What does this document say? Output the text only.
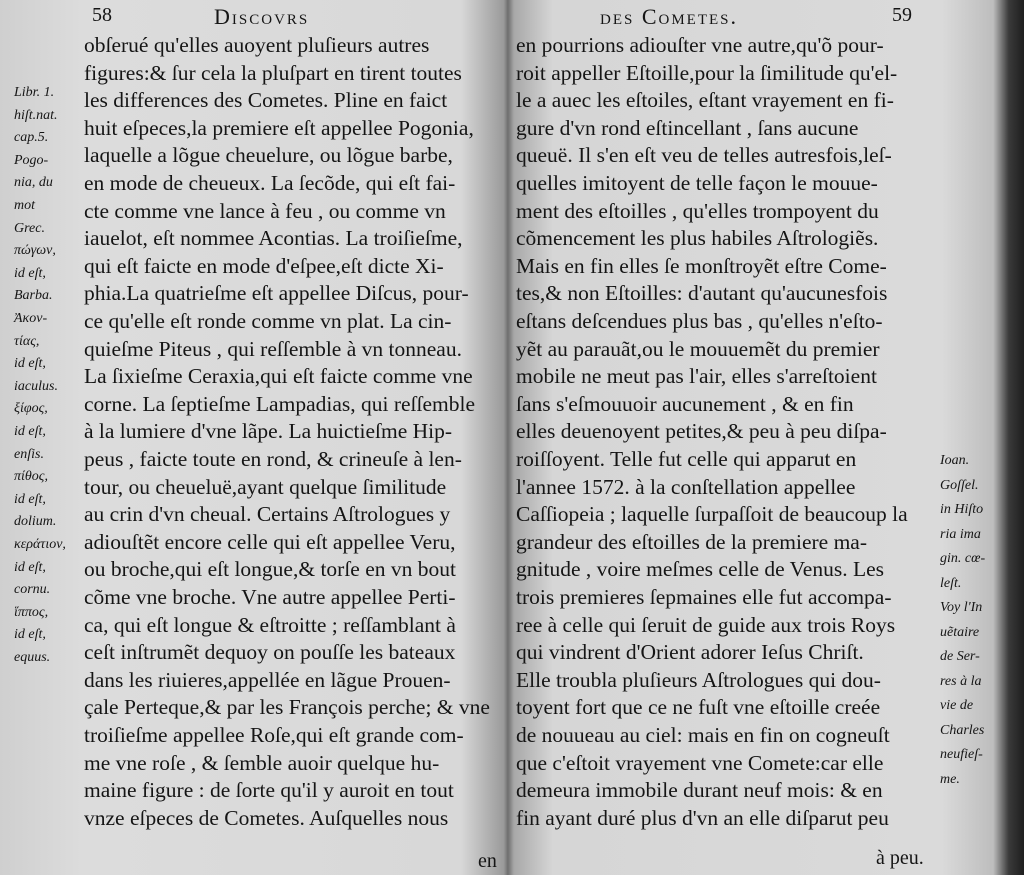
58	Discovrs
Libr. 1.
hiſt.nat.
cap.5.
Pogo-
nia, du
mot
Grec.
πώγων,
id eſt,
Barba.
Ἀκον-
τίας,
id eſt,
iaculus.
ξίφος,
id eſt,
enſis.
πίθος,
id eſt,
dolium.
κεράτιον,
id eſt,
cornu.
ἵππος,
id eſt,
equus.
obſerué qu'elles auoyent pluſieurs autres
figures:& ſur cela la pluſpart en tirent toutes
les differences des Cometes. Pline en faict
huit eſpeces,la premiere eſt appellee Pogonia,
laquelle a lõgue cheuelure, ou lõgue barbe,
en mode de cheueux. La ſecõde, qui eſt fai-
cte comme vne lance à feu , ou comme vn
iauelot, eſt nommee Acontias. La troiſieſme,
qui eſt faicte en mode d'eſpee,eſt dicte Xi-
phia.La quatrieſme eſt appellee Diſcus, pour-
ce qu'elle eſt ronde comme vn plat. La cin-
quieſme Piteus , qui reſſemble à vn tonneau.
La ſixieſme Ceraxia,qui eſt faicte comme vne
corne. La ſeptieſme Lampadias, qui reſſemble
à la lumiere d'vne lãpe. La huictieſme Hip-
peus , faicte toute en rond, & crineuſe à len-
tour, ou cheueluë,ayant quelque ſimilitude
au crin d'vn cheual. Certains Aſtrologues y
adiouſtẽt encore celle qui eſt appellee Veru,
ou broche,qui eſt longue,& torſe en vn bout
cõme vne broche. Vne autre appellee Perti-
ca, qui eſt longue & eſtroitte ; reſſamblant à
ceſt inſtrumẽt dequoy on pouſſe les bateaux
dans les riuieres,appellée en lãgue Prouen-
çale Perteque,& par les François perche; & vne
troiſieſme appellee Roſe,qui eſt grande com-
me vne roſe , & ſemble auoir quelque hu-
maine figure : de ſorte qu'il y auroit en tout
vnze eſpeces de Cometes. Auſquelles nous
en
des Cometes.	59
en pourrions adiouſter vne autre,qu'õ pour-
roit appeller Eſtoille,pour la ſimilitude qu'el-
le a auec les eſtoiles, eſtant vrayement en fi-
gure d'vn rond eſtincellant , ſans aucune
queuë. Il s'en eſt veu de telles autresfois,leſ-
quelles imitoyent de telle façon le mouue-
ment des eſtoilles , qu'elles trompoyent du
cõmencement les plus habiles Aſtrologiẽs.
Mais en fin elles ſe monſtroyẽt eſtre Come-
tes,& non Eſtoilles: d'autant qu'aucunesfois
eſtans deſcendues plus bas , qu'elles n'eſto-
yẽt au parauãt,ou le mouuemẽt du premier
mobile ne meut pas l'air, elles s'arreſtoient
ſans s'eſmouuoir aucunement , & en fin
elles deuenoyent petites,& peu à peu diſpa-
roiſſoyent. Telle fut celle qui apparut en
l'annee 1572. à la conſtellation appellee
Caſſiopeia ; laquelle ſurpaſſoit de beaucoup la
grandeur des eſtoilles de la premiere ma-
gnitude , voire meſmes celle de Venus. Les
trois premieres ſepmaines elle fut accompa-
ree à celle qui ſeruit de guide aux trois Roys
qui vindrent d'Orient adorer Ieſus Chriſt.
Elle troubla pluſieurs Aſtrologues qui dou-
toyent fort que ce ne fuſt vne eſtoille creée
de nouueau au ciel: mais en fin on cogneuſt
que c'eſtoit vrayement vne Comete:car elle
demeura immobile durant neuf mois: & en
fin ayant duré plus d'vn an elle diſparut peu
Ioan.
Goſſel.
in Hiſto
ria ima
gin. cœ-
leſt.
Voy l'In
uẽtaire
de Ser-
res à la
vie de
Charles
neufieſ-
me.
à peu.
